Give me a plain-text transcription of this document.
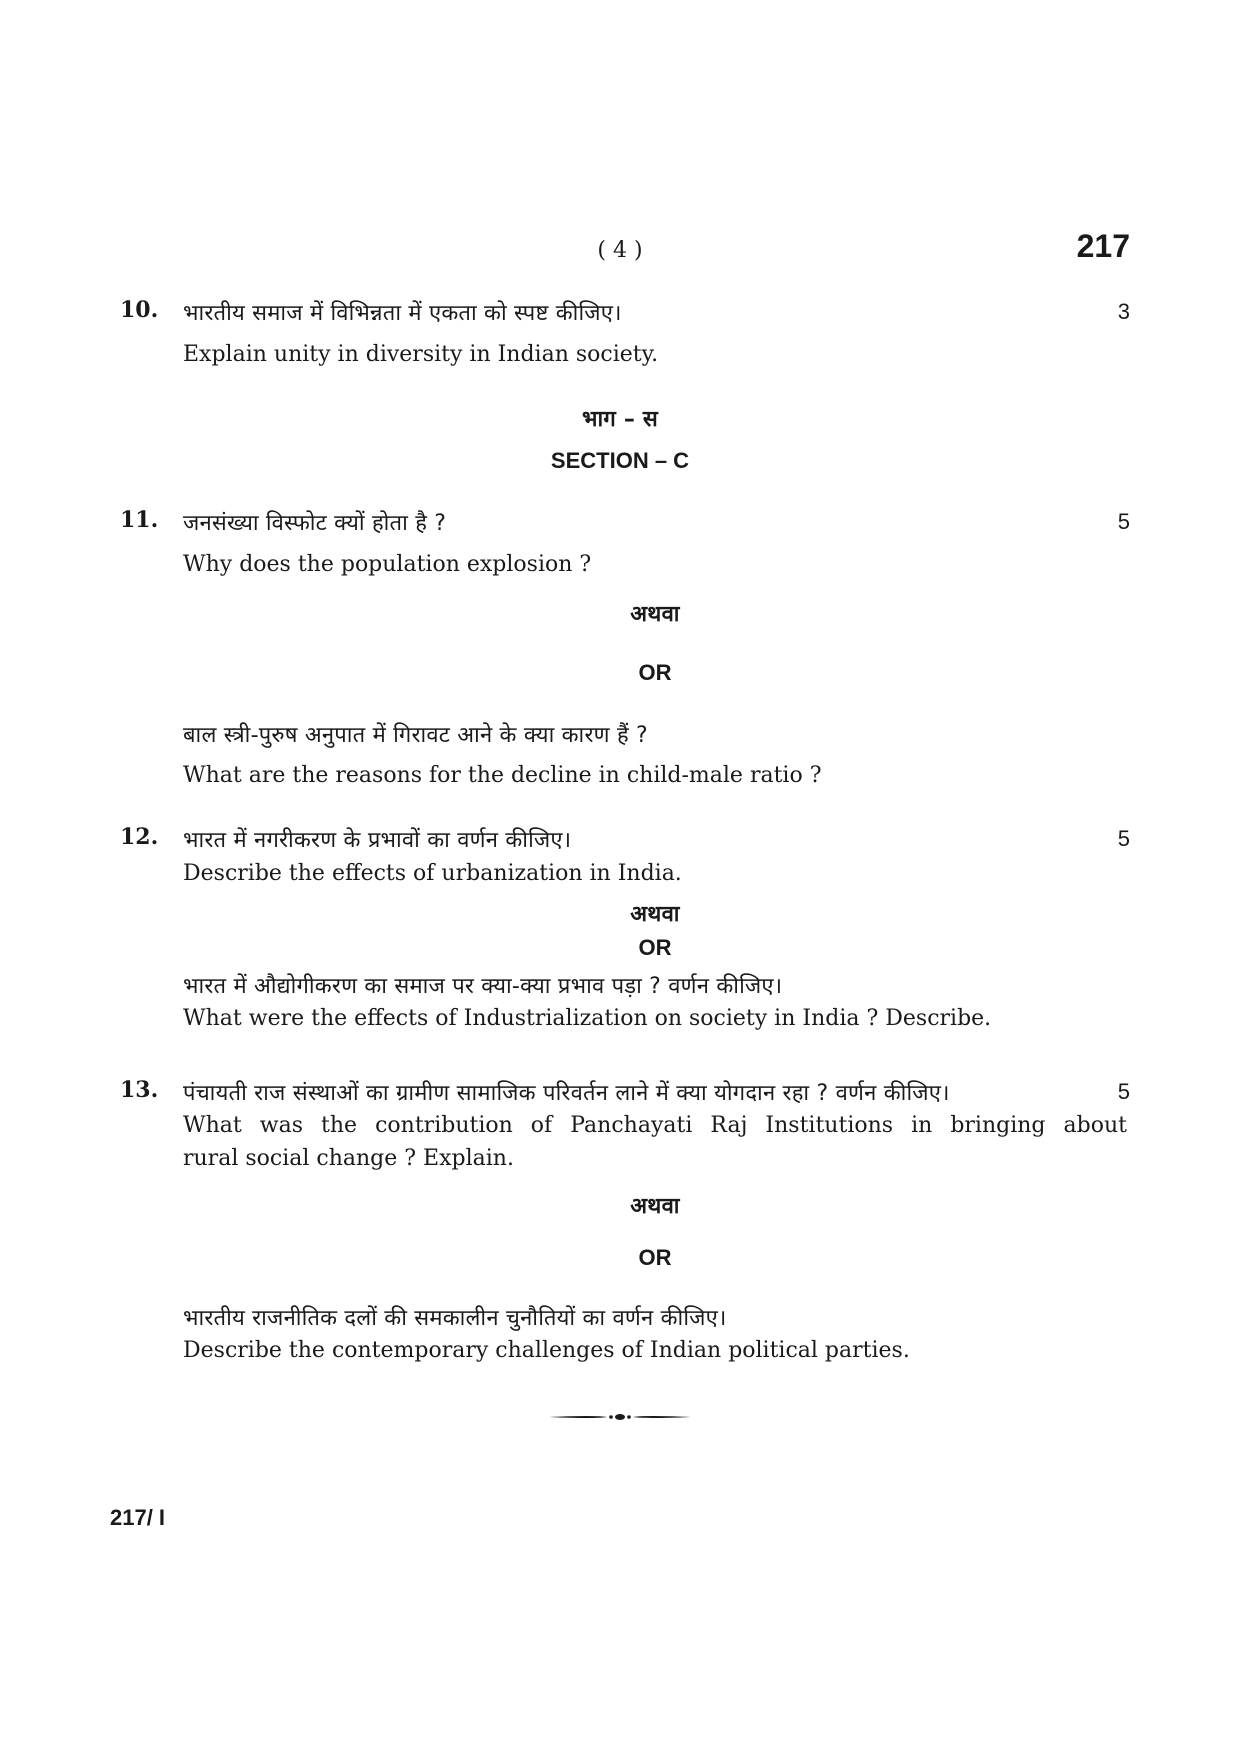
( 4 )	217
10. भारतीय समाज में विभिन्नता में एकता को स्पष्ट कीजिए।	3
Explain unity in diversity in Indian society.
भाग – स
SECTION – C
11. जनसंख्या विस्फोट क्यों होता है ?	5
Why does the population explosion ?
अथवा
OR
बाल स्त्री-पुरुष अनुपात में गिरावट आने के क्या कारण हैं ?
What are the reasons for the decline in child-male ratio ?
12. भारत में नगरीकरण के प्रभावों का वर्णन कीजिए।	5
Describe the effects of urbanization in India.
अथवा
OR
भारत में औद्योगीकरण का समाज पर क्या-क्या प्रभाव पड़ा ? वर्णन कीजिए।
What were the effects of Industrialization on society in India ? Describe.
13. पंचायती राज संस्थाओं का ग्रामीण सामाजिक परिवर्तन लाने में क्या योगदान रहा ? वर्णन कीजिए।	5
What was the contribution of Panchayati Raj Institutions in bringing about
rural social change ? Explain.
अथवा
OR
भारतीय राजनीतिक दलों की समकालीन चुनौतियों का वर्णन कीजिए।
Describe the contemporary challenges of Indian political parties.
217/ I
